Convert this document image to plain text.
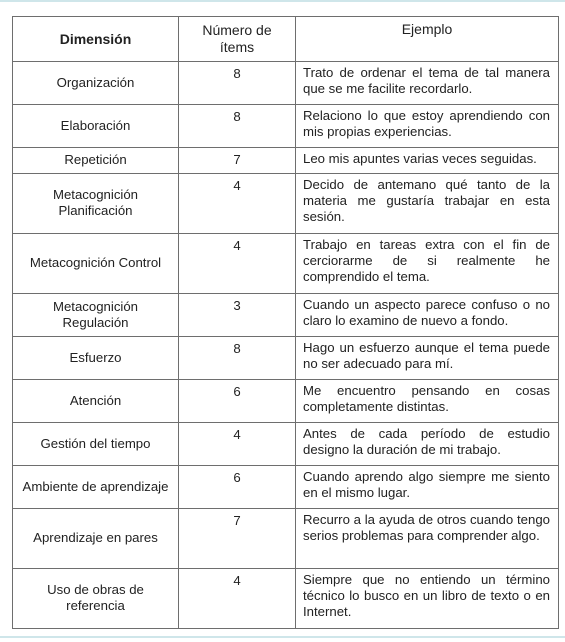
Dimensión	Número de ítems	Ejemplo
Organización	8	Trato de ordenar el tema de tal manera que se me facilite recordarlo.
Elaboración	8	Relaciono lo que estoy aprendiendo con mis propias experiencias.
Repetición	7	Leo mis apuntes varias veces seguidas.
Metacognición Planificación	4	Decido de antemano qué tanto de la materia me gustaría trabajar en esta sesión.
Metacognición Control	4	Trabajo en tareas extra con el fin de cerciorarme de si realmente he comprendido el tema.
Metacognición Regulación	3	Cuando un aspecto parece confuso o no claro lo examino de nuevo a fondo.
Esfuerzo	8	Hago un esfuerzo aunque el tema puede no ser adecuado para mí.
Atención	6	Me encuentro pensando en cosas completamente distintas.
Gestión del tiempo	4	Antes de cada período de estudio designo la duración de mi trabajo.
Ambiente de aprendizaje	6	Cuando aprendo algo siempre me siento en el mismo lugar.
Aprendizaje en pares	7	Recurro a la ayuda de otros cuando tengo serios problemas para comprender algo.
Uso de obras de referencia	4	Siempre que no entiendo un término técnico lo busco en un libro de texto o en Internet.
